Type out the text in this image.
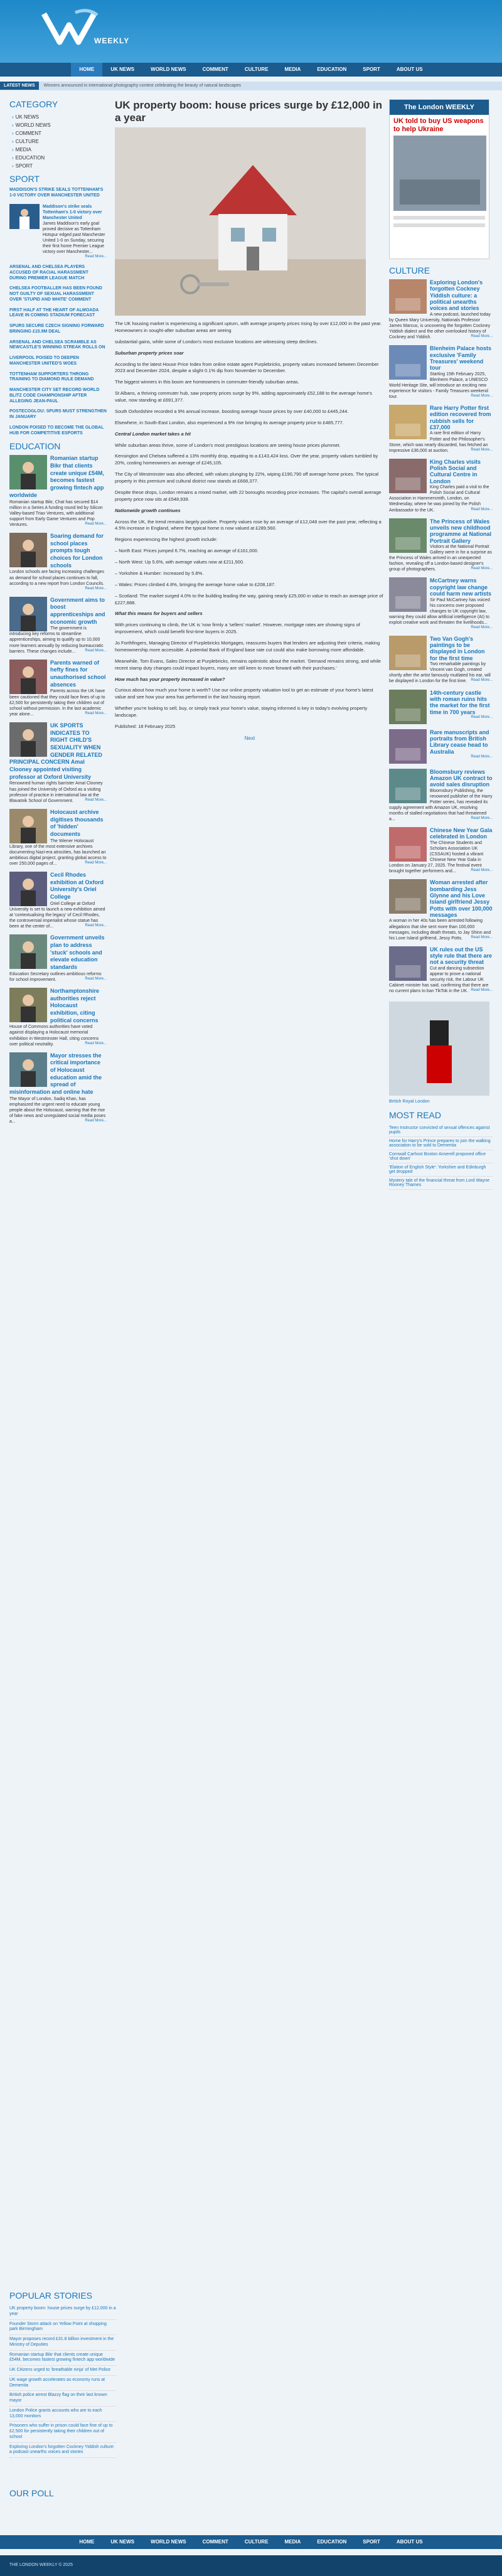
WEEKLY
HOME	UK NEWS	WORLD NEWS	COMMENT	CULTURE	MEDIA	EDUCATION	SPORT	ABOUT US
LATEST NEWS Winners announced in international photography contest celebrating the beauty of natural landscapes
CATEGORY
› UK NEWS
› WORLD NEWS
› COMMENT
› CULTURE
› MEDIA
› EDUCATION
› SPORT
SPORT
MADDISON'S STRIKE SEALS TOTTENHAM'S 1-0 VICTORY OVER MANCHESTER UNITED
Maddison's strike seals Tottenham's 1-0 victory over Manchester United
James Maddison's early goal proved decisive as Tottenham Hotspur edged past Manchester United 1-0 on Sunday, securing their first home Premier League victory over Manchester...
Read More...
ARSENAL AND CHELSEA PLAYERS ACCUSED OF RACIAL HARASSMENT DURING PREMIER LEAGUE MATCH
CHELSEA FOOTBALLER HAS BEEN FOUND NOT GUILTY OF SEXUAL HARASSMENT OVER 'STUPID AND WHITE' COMMENT
FIRST HALF AT THE HEART OF ALMOADA LEAVE IN COMING STADIUM FORECAST
SPURS SECURE CZECH SIGNING FORWARD BRINGING £15.9M DEAL
ARSENAL AND CHELSEA SCRAMBLE AS NEWCASTLE'S WINNING STREAK ROLLS ON
LIVERPOOL POISED TO DEEPEN MANCHESTER UNITED'S WOES
TOTTENHAM SUPPORTERS THRONG TRAINING TO DIAMOND RULE DEMAND
MANCHESTER CITY SET RECORD WORLD BLITZ CODE CHAMPIONSHIP AFTER ALLEGING JEAN-PAUL
POSTECOGLOU: SPURS MUST STRENGTHEN IN JANUARY
LONDON POISED TO BECOME THE GLOBAL HUB FOR COMPETITIVE ESPORTS
EDUCATION
Romanian startup Bikr that clients create unique £54M, becomes fastest growing fintech app worldwide
Romanian startup Bikr, Chat has secured $14 million in a Series A funding round led by Silicon Valley-based Triax Ventures, with additional support from Early Game Ventures and Pop Ventures.	Read More...
Soaring demand for school places prompts tough choices for London schools
London schools are facing increasing challenges as demand for school places continues to fall, according to a new report from London Councils.
Read More...
Government aims to boost apprenticeships and economic growth
The government is introducing key reforms to streamline apprenticeships, aiming to qualify up to 10,000 more learners annually by reducing bureaucratic barriers. These changes include... Read More...
Parents warned of hefty fines for unauthorised school absences
Parents across the UK have been cautioned that they could face fines of up to £2,500 for persistently taking their children out of school without permission. In the last academic year alone...	Read More...
UK SPORTS INDICATES TO RIGHT CHILD'S SEXUALITY WHEN GENDER RELATED PRINCIPAL CONCERN Amal Clooney appointed visiting professor at Oxford University
Renowned human rights barrister Amal Clooney has joined the University of Oxford as a visiting professor of practice in international law at the Blavatnik School of Government.	Read More...
Holocaust archive digitises thousands of 'hidden' documents
The Wiener Holocaust Library, one of the most extensive archives documenting Nazi-era atrocities, has launched an ambitious digital project, granting global access to over 250,000 pages of...	Read More...
Cecil Rhodes exhibition at Oxford University's Oriel College
Oriel College at Oxford University is set to launch a new exhibition aimed at 'contextualising the legacy' of Cecil Rhodes, the controversial imperialist whose statue has been at the center of...	Read More...
Government unveils plan to address 'stuck' schools and elevate education standards
Education Secretary outlines ambitious reforms for school improvement.	Read More...
Northamptonshire authorities reject Holocaust exhibition, citing political concerns
House of Commons authorities have voted against displaying a Holocaust memorial exhibition in Westminster Hall, citing concerns over political neutrality.	Read More...
Mayor stresses the critical importance of Holocaust education amid the spread of misinformation and online hate
The Mayor of London, Sadiq Khan, has emphasized the urgent need to educate young people about the Holocaust, warning that the rise of fake news and unregulated social media poses a...	Read More...
UK property boom: house prices surge by £12,000 in a year

The UK housing market is experiencing a significant upturn, with average property prices rising by over £12,000 in the past year. Homeowners in sought-after suburban areas are seeing

substantial gains, while some of London's most exclusive locations are witnessing steep declines.

Suburban property prices soar

According to the latest House Price Index from online estate agent Purplebricks, property values increased between December 2023 and December 2024, despite a slight 0.1% dip from November to December.

The biggest winners in this boom are homeowners in commuter-friendly suburban areas.

St Albans, a thriving commuter hub, saw property prices surge by 9%, adding approximately £52,188 to the average home's value, now standing at £691,377.

South Oxfordshire recorded a 9% annual increase, boosting average house prices by over £40,000 to £445,244.

Elsewhere, in South-East London, also experienced a 9% rise bringing its average property price to £485,777.

Central London market takes a hit

While suburban areas thrive, some of London's most prestigious locations are seeing house prices plummet.

Kensington and Chelsea suffered a 13% monthly drop, equating to a £143,424 loss. Over the year, property values tumbled by 20%, costing homeowners an average of £245,105.

The City of Westminster was also affected, with values plunging by 22%, wiping £190,790 off average home prices. The typical property in this premium and cultural district now stands at £668,377.

Despite these drops, London remains a mixed market, with 22 boroughs recording price increases. The capital's overall average property price now sits at £548,939.

Nationwide growth continues

Across the UK, the trend remains largely positive. Property values rose by an average of £12,048 over the past year, reflecting a 4.5% increase in England, where the typical home is now valued at £289,560.

Regions experiencing the highest growth include:

– North East: Prices jumped 6.7%, reaching an average of £161,000.

– North West: Up 5.6%, with average values now at £211,500.

– Yorkshire & Humber: Increased by 5.8%.

– Wales: Prices climbed 4.8%, bringing the average home value to £208,187.

– Scotland: The market surged 4.0% to the building leading the way, gaining nearly £25,000 in value to reach an average price of £227,888.

What this means for buyers and sellers

With prices continuing to climb, the UK is 'now firmly a 'sellers' market'. However, mortgage rates are showing signs of improvement, which could benefit first-time buyers in 2025.

Jo Forthfingers, Managing Director of Purplebricks Mortgages, reassures buyers that lenders are adjusting their criteria, making homeownership more accessible. A potential Bank of England base rate cut could also make borrowing more affordable.

Meanwhile, Tom Evans, Sales Director at Purplebricks, remains optimistic about the market. 'Demand remains strong, and while recent stamp duty changes could impact buyers, many are still keen to move forward with their purchases.'

How much has your property increased in value?

Curious about how much your home is worth? Use our online property valuation tool to get an estimate of your home's latest value and see how your area has performed in the last housing report.

Whether you're looking to sell, buy, or simply track your home's value, staying informed is key in today's evolving property landscape.

Published: 18 February 2025

Next
The London WEEKLY
UK told to buy US weapons to help Ukraine
CULTURE
Exploring London's forgotten Cockney Yiddish culture: a political unearths voices and stories
A new podcast, launched today by Queen Mary University, Nationals Professor James Marcus, is uncovering the forgotten Cockney Yiddish dialect and the other overlooked history of Cockney and Yiddish.	Read More...
Blenheim Palace hosts exclusive 'Family Treasures' weekend tour
Starting 15th February 2025, Blenheim Palace, a UNESCO World Heritage Site, will introduce an exciting new experience for visitors - Family Treasures weekend tour.	Read More...
Rare Harry Potter first edition recovered from rubbish sells for £37,000
A rare first edition of Harry Potter and the Philosopher's Stone, which was nearly discarded, has fetched an impressive £36,000 at auction.	Read More...
King Charles visits Polish Social and Cultural Centre in London
King Charles paid a visit to the Polish Social and Cultural Association in Hammersmith, London, on Wednesday, where he was joined by the Polish Ambassador to the UK.	Read More...
The Princess of Wales unveils new childhood programme at National Portrait Gallery
Visitors at the National Portrait Gallery were in for a surprise as the Princess of Wales arrived in an unexpected fashion, revealing off a London-based designer's group of photographers.	Read More...
McCartney warns copyright law change could harm new artists
Sir Paul McCartney has voiced his concerns over proposed changes to UK copyright law, warning they could allow artificial intelligence (AI) to exploit creative work and threaten the livelihoods...
Read More...
Two Van Gogh's paintings to be displayed in London for the first time
Two remarkable paintings by Vincent van Gogh, created shortly after the artist famously mutilated his ear, will be displayed in London for the first time. Read More...
14th-century castle with roman ruins hits the market for the first time in 700 years
Read More...
Rare manuscripts and portraits from British Library cease head to Australia
Read More...
Bloomsbury reviews Amazon UK contract to avoid sales disruption
Bloomsbury Publishing, the renowned publisher of the Harry Potter series, has revealed its supply agreement with Amazon UK, resolving months of stalled negotiations that had threatened a...	Read More...
Chinese New Year Gala celebrated in London
The Chinese Students and Scholars Association UK (CSSAUK) hosted a vibrant Chinese New Year Gala in London on January 27, 2025. The festival event brought together performers and...	Read More...
Woman arrested after bombarding Jess Glynne and his Love Island girlfriend Jessy Potts with over 100,000 messages
A woman in her 40s has been arrested following allegations that she sent more than 100,000 messages, including death threats, to Jay Shinn and his Love Island girlfriend, Jessy Potts. Read More...
UK rules out the US style rule that there are not a security threat
Cut and dancing subsection appear to prove a national security risk, the Labour UK Cabinet minister has said, confirming that there are no current plans to ban TikTok in the UK. Read More...
British Royal London
MOST READ
Teen Instructor convicted of sexual offences against pupils
Home for Harry's Prince prepares to join the walking association to be sold to Dementia
Cornwall Carhost Boston Anserell proposed office 'shut down'
'Elation of English Style': Yorkshire and Edinburgh get dropped
Mystery tale of the financial threat from Lord Wayne Rooney Thames
POPULAR STORIES
UK property boom: house prices surge by £12,000 in a year
Founder Storm attack on Yellow Point at shopping park Birmingham
Mayor proposes record £31.8 billion investment in the Ministry of Deputies
Romanian startup Bikr that clients create unique £54M, becomes fastest growing fintech app worldwide
UK Citizens urged to 'breathable ninja' of Met Police
UK wage growth accelerates as economy runs at Dementia
British police arrest Blazzy flag on their last known mayor
London Police grants accounts who are to each 13,000 monitors
Prisoners who suffer in prison could face fine of up to £2,500 for persistently taking their children out of school
Exploring London's forgotten Cockney Yiddish culture: a podcast unearths voices and stories
OUR POLL
HOME	UK NEWS	WORLD NEWS	COMMENT	CULTURE	MEDIA	EDUCATION	SPORT	ABOUT US
THE LONDON WEEKLY © 2025
